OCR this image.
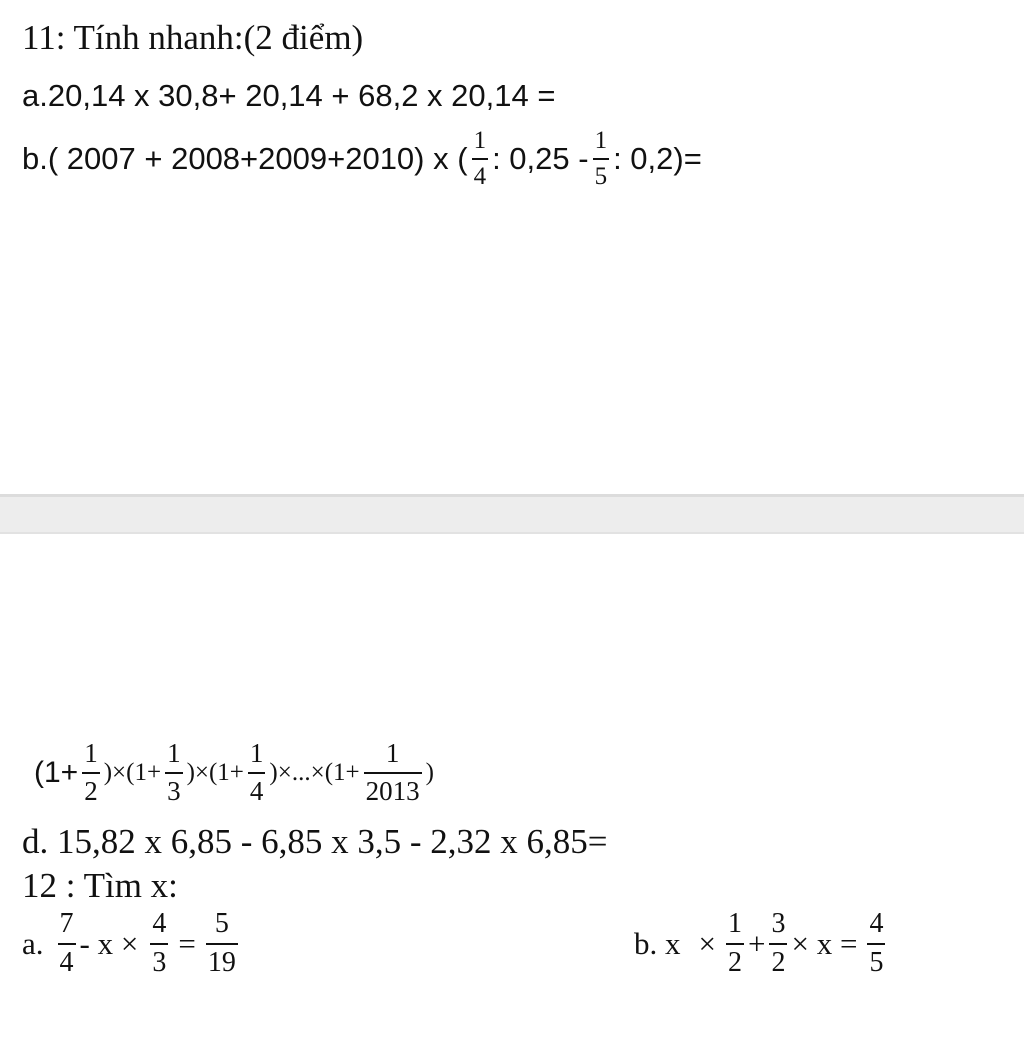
11: Tính nhanh:(2 điểm)
a.20,14 x 30,8+ 20,14 + 68,2 x 20,14 =
b.( 2007 + 2008+2009+2010) x ( $\frac{1}{4}$ : $0,25 - \frac{1}{5}$ : 0,2)=
$(1+ \frac{1}{2} )\times(1+ \frac{1}{3} )\times(1+ \frac{1}{4} )\times...\times(1+ \frac{1}{2013}$ )
d. 15,82 x 6,85 - 6,85 x 3,5 - 2,32 x 6,85=
12 : Tìm x:
a. $\frac{7}{4} - x \times \frac{4}{3} = \frac{5}{19}$	b. $x \times \frac{1}{2} + \frac{3}{2} \times x = \frac{4}{5}$
